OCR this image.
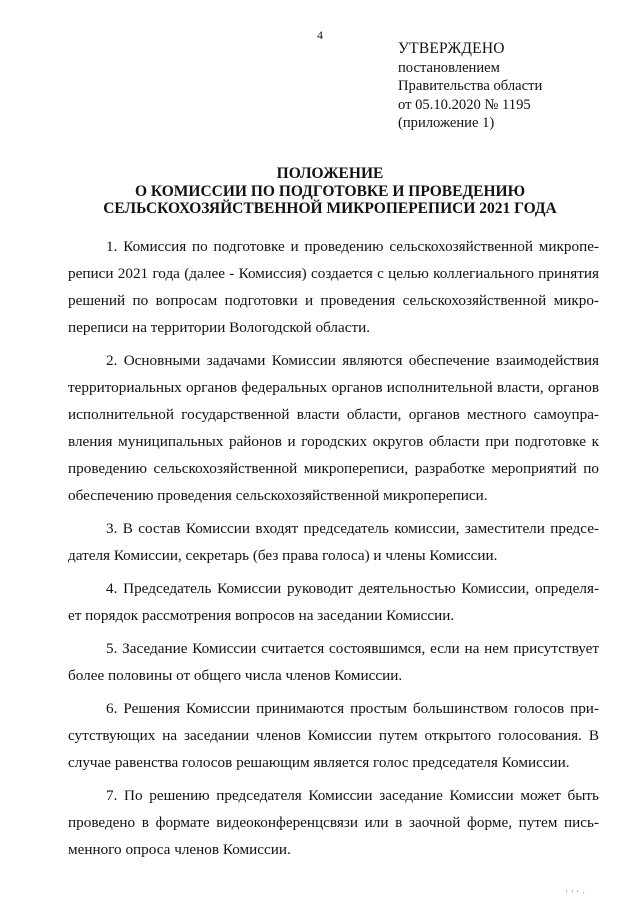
4
УТВЕРЖДЕНО
постановлением
Правительства области
от 05.10.2020 № 1195
(приложение 1)
ПОЛОЖЕНИЕ
О КОМИССИИ ПО ПОДГОТОВКЕ И ПРОВЕДЕНИЮ
СЕЛЬСКОХОЗЯЙСТВЕННОЙ МИКРОПЕРЕПИСИ 2021 ГОДА
1. Комиссия по подготовке и проведению сельскохозяйственной микропе-
реписи 2021 года (далее - Комиссия) создается с целью коллегиального принятия
решений по вопросам подготовки и проведения сельскохозяйственной микро-
переписи на территории Вологодской области.
2. Основными задачами Комиссии являются обеспечение взаимодействия
территориальных органов федеральных органов исполнительной власти, органов
исполнительной государственной власти области, органов местного самоупра-
вления муниципальных районов и городских округов области при подготовке к
проведению сельскохозяйственной микропереписи, разработке мероприятий по
обеспечению проведения сельскохозяйственной микропереписи.
3. В состав Комиссии входят председатель комиссии, заместители предсе-
дателя Комиссии, секретарь (без права голоса) и члены Комиссии.
4. Председатель Комиссии руководит деятельностью Комиссии, определя-
ет порядок рассмотрения вопросов на заседании Комиссии.
5. Заседание Комиссии считается состоявшимся, если на нем присутствует
более половины от общего числа членов Комиссии.
6. Решения Комиссии принимаются простым большинством голосов при-
сутствующих на заседании членов Комиссии путем открытого голосования. В
случае равенства голосов решающим является голос председателя Комиссии.
7. По решению председателя Комиссии заседание Комиссии может быть
проведено в формате видеоконференцсвязи или в заочной форме, путем пись-
менного опроса членов Комиссии.
' ' ' ·
